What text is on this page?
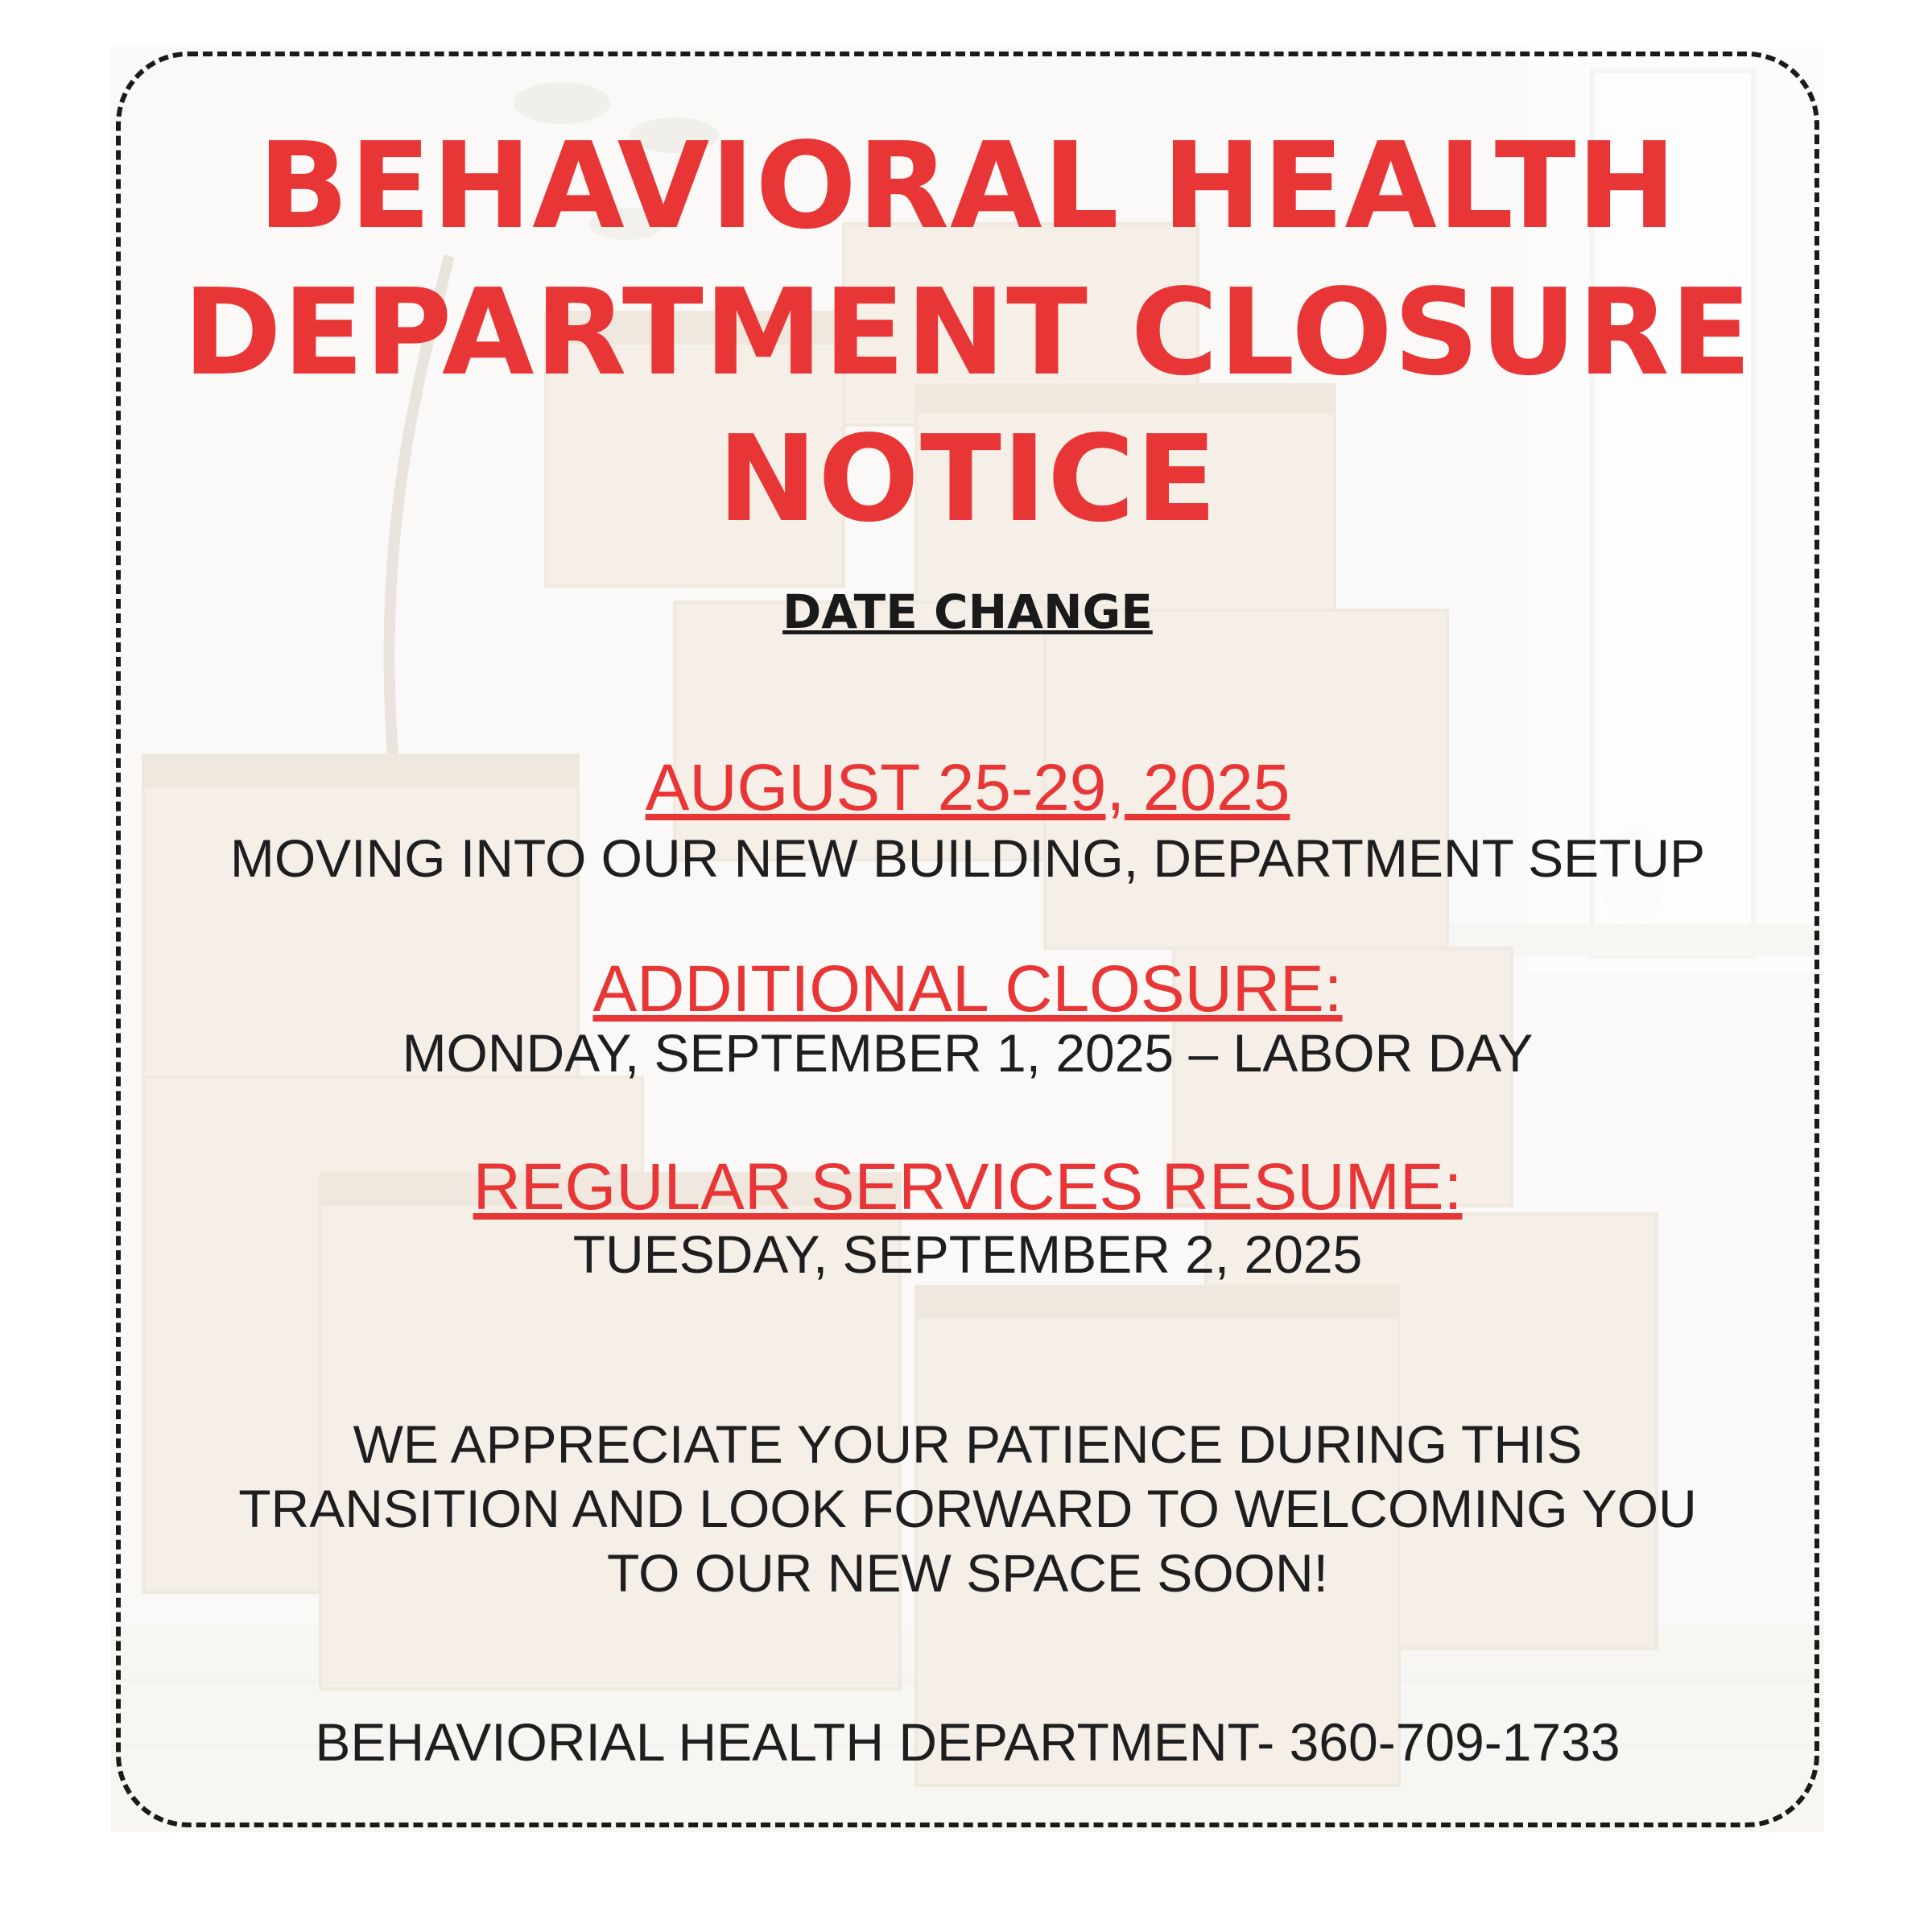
BEHAVIORAL HEALTH
DEPARTMENT CLOSURE
NOTICE
DATE CHANGE
AUGUST 25-29, 2025
MOVING INTO OUR NEW BUILDING, DEPARTMENT SETUP
ADDITIONAL CLOSURE:
MONDAY, SEPTEMBER 1, 2025 – LABOR DAY
REGULAR SERVICES RESUME:
TUESDAY, SEPTEMBER 2, 2025
WE APPRECIATE YOUR PATIENCE DURING THIS
TRANSITION AND LOOK FORWARD TO WELCOMING YOU
TO OUR NEW SPACE SOON!
BEHAVIORIAL HEALTH DEPARTMENT- 360-709-1733
